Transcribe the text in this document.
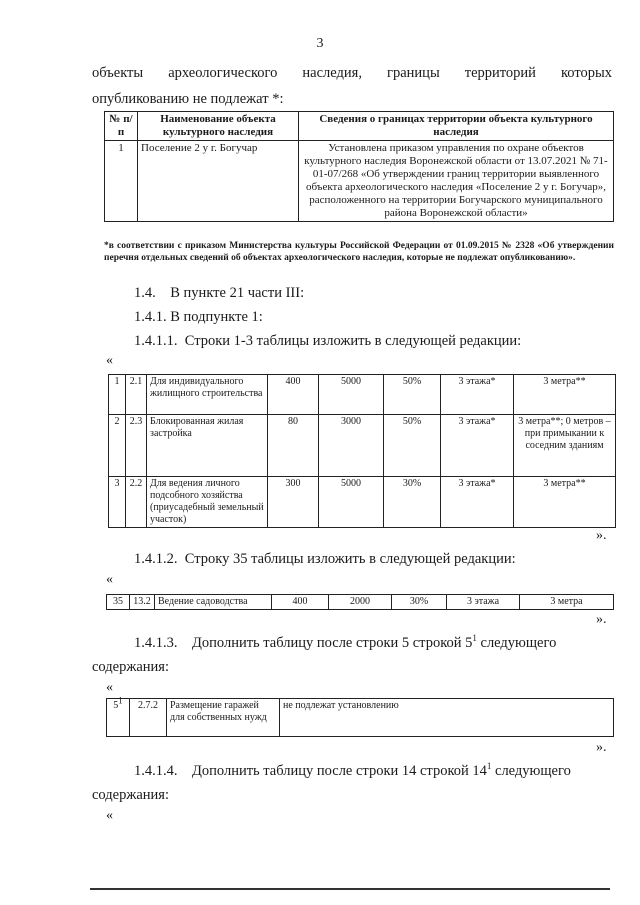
3
объекты археологического наследия, границы территорий которых
опубликованию не подлежат *:
№ п/п	Наименование объекта культурного наследия	Сведения о границах территории объекта культурного наследия
1	Поселение 2 у г. Богучар	Установлена приказом управления по охране объектов культурного наследия Воронежской области от 13.07.2021 № 71-01-07/268 «Об утверждении границ территории выявленного объекта археологического наследия «Поселение 2 у г. Богучар», расположенного на территории Богучарского муниципального района Воронежской области»
*в соответствии с приказом Министерства культуры Российской Федерации от 01.09.2015 № 2328 «Об утверждении перечня отдельных сведений об объектах археологического наследия, которые не подлежат опубликованию».
1.4. В пункте 21 части III:
1.4.1. В подпункте 1:
1.4.1.1. Строки 1-3 таблицы изложить в следующей редакции:
«
1	2.1	Для индивидуального жилищного строительства	400	5000	50%	3 этажа*	3 метра**
2	2.3	Блокированная жилая застройка	80	3000	50%	3 этажа*	3 метра**; 0 метров – при примыкании к соседним зданиям
3	2.2	Для ведения личного подсобного хозяйства (приусадебный земельный участок)	300	5000	30%	3 этажа*	3 метра**
».
1.4.1.2. Строку 35 таблицы изложить в следующей редакции:
«
35	13.2	Ведение садоводства	400	2000	30%	3 этажа	3 метра
».
1.4.1.3. Дополнить таблицу после строки 5 строкой $5^1$ следующего
содержания:
«
51	2.7.2	Размещение гаражей для собственных нужд	не подлежат установлению
».
1.4.1.4. Дополнить таблицу после строки 14 строкой $14^1$ следующего
содержания:
«
